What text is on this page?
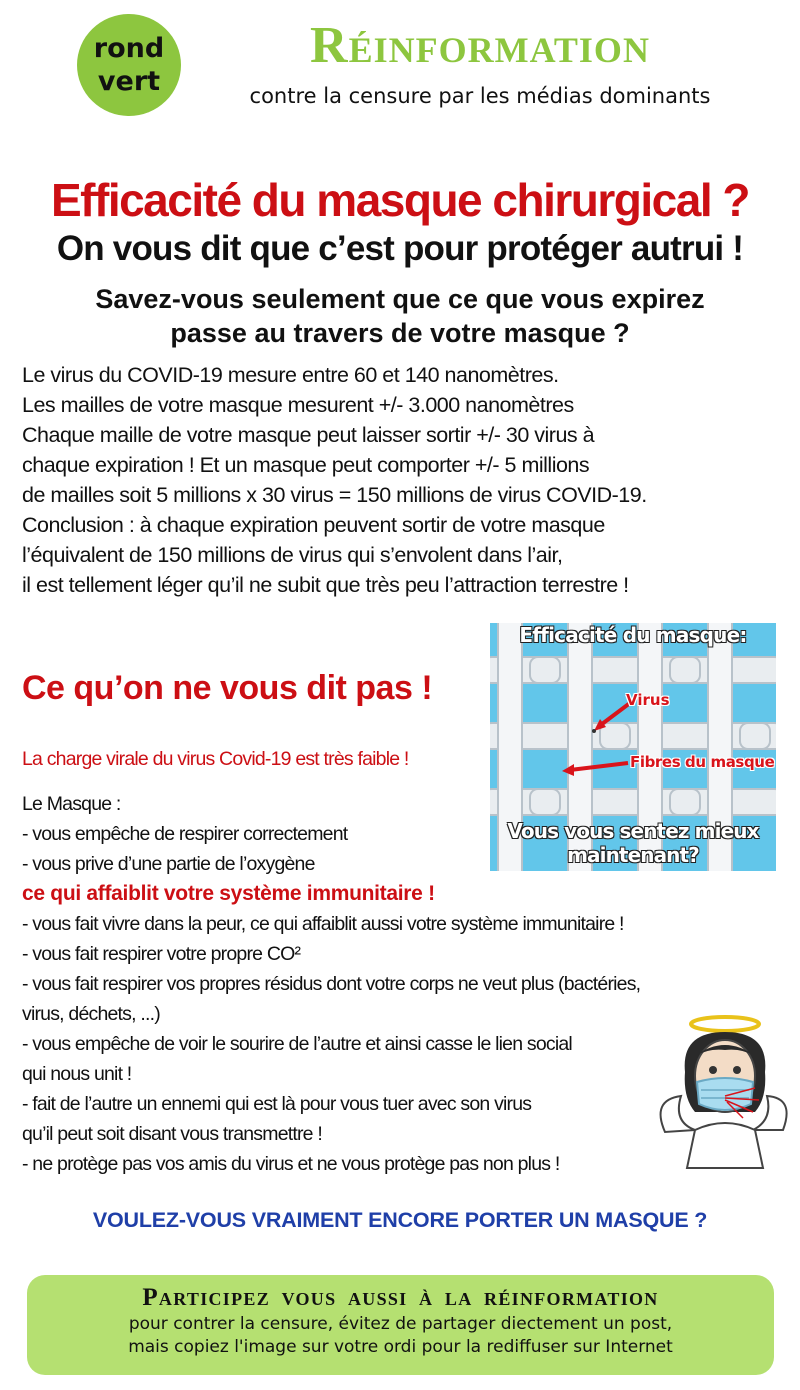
rond
vert
Réinformation
contre la censure par les médias dominants
Efficacité du masque chirurgical ?
On vous dit que c’est pour protéger autrui !
Savez-vous seulement que ce que vous expirez
passe au travers de votre masque ?
Le virus du COVID-19 mesure entre 60 et 140 nanomètres.
Les mailles de votre masque mesurent +/- 3.000 nanomètres
Chaque maille de votre masque peut laisser sortir +/- 30 virus à
chaque expiration ! Et un masque peut comporter +/- 5 millions
de mailles soit 5 millions x 30 virus = 150 millions de virus COVID-19.
Conclusion : à chaque expiration peuvent sortir de votre masque
l’équivalent de 150 millions de virus qui s’envolent dans l’air,
il est tellement léger qu’il ne subit que très peu l’attraction terrestre !
Efficacité du masque:
Virus
Fibres du masque
Vous vous sentez mieux
maintenant?
Ce qu’on ne vous dit pas !
La charge virale du virus Covid-19 est très faible !
Le Masque :
- vous empêche de respirer correctement
- vous prive d’une partie de l’oxygène
ce qui affaiblit votre système immunitaire !
- vous fait vivre dans la peur, ce qui affaiblit aussi votre système immunitaire !
- vous fait respirer votre propre CO²
- vous fait respirer vos propres résidus dont votre corps ne veut plus (bactéries,
virus, déchets, ...)
- vous empêche de voir le sourire de l’autre et ainsi casse le lien social
qui nous unit !
- fait de l’autre un ennemi qui est là pour vous tuer avec son virus
qu’il peut soit disant vous transmettre !
- ne protège pas vos amis du virus et ne vous protège pas non plus !
VOULEZ-VOUS VRAIMENT ENCORE PORTER UN MASQUE ?
Participez vous aussi à la réinformation
pour contrer la censure, évitez de partager diectement un post,
mais copiez l'image sur votre ordi pour la rediffuser sur Internet
